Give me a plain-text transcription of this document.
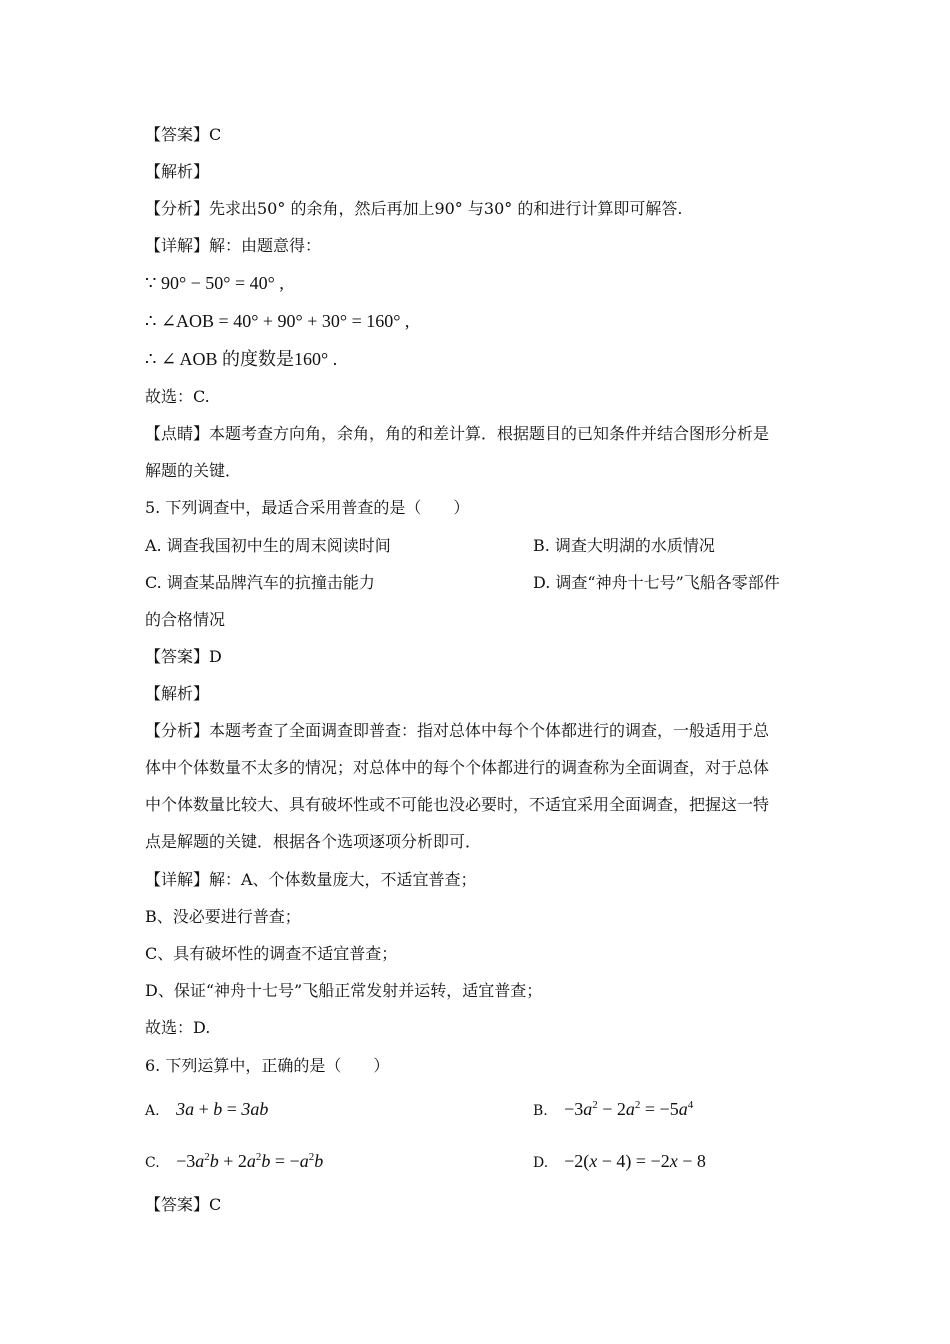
【答案】C
【解析】
【分析】先求出50° 的余角，然后再加上90° 与30° 的和进行计算即可解答.
【详解】解：由题意得：
∵ 90° − 50° = 40° ,
∴ ∠AOB = 40° + 90° + 30° = 160° ,
∴ ∠ AOB 的度数是160° .
故选：C.
【点睛】本题考查方向角，余角，角的和差计算．根据题目的已知条件并结合图形分析是
解题的关键．
5. 下列调查中，最适合采用普查的是（　　）
A. 调查我国初中生的周末阅读时间	B. 调查大明湖的水质情况
C. 调查某品牌汽车的抗撞击能力	D. 调查“神舟十七号”飞船各零部件
的合格情况
【答案】D
【解析】
【分析】本题考查了全面调查即普查：指对总体中每个个体都进行的调查，一般适用于总
体中个体数量不太多的情况；对总体中的每个个体都进行的调查称为全面调查，对于总体
中个体数量比较大、具有破坏性或不可能也没必要时，不适宜采用全面调查，把握这一特
点是解题的关键．根据各个选项逐项分析即可．
【详解】解：A、个体数量庞大，不适宜普查；
B、没必要进行普查；
C、具有破坏性的调查不适宜普查；
D、保证“神舟十七号”飞船正常发射并运转，适宜普查；
故选：D.
6. 下列运算中，正确的是（　　）
A. 3a + b = 3ab	B. $-3a^2 - 2a^2 = -5a^4$
C. $-3a^2b + 2a^2b = -a^2b$	D. −2(x − 4) = −2x − 8
【答案】C
